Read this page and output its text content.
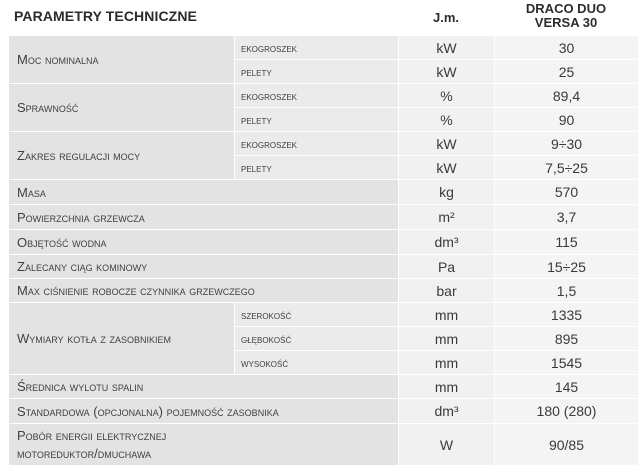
PARAMETRY TECHNICZNE	J.m.
DRACO DUO
VERSA 30
Moc nominalna	ekogroszek	kW	30
	pelety	kW	25
Sprawność	ekogroszek	%	89,4
	pelety	%	90
Zakres regulacji mocy	ekogroszek	kW	9÷30
	pelety	kW	7,5÷25
Masa		kg	570
Powierzchnia grzewcza		m²	3,7
Objętość wodna		dm³	115
Zalecany ciąg kominowy		Pa	15÷25
Max ciśnienie robocze czynnika grzewczego		bar	1,5
Wymiary kotła z zasobnikiem	szerokość	mm	1335
	głębokość	mm	895
	wysokość	mm	1545
Średnica wylotu spalin		mm	145
Standardowa (opcjonalna) pojemność zasobnika		dm³	180 (280)

Pobór energii elektrycznej
motoreduktor/dmuchawa		W	90/85
